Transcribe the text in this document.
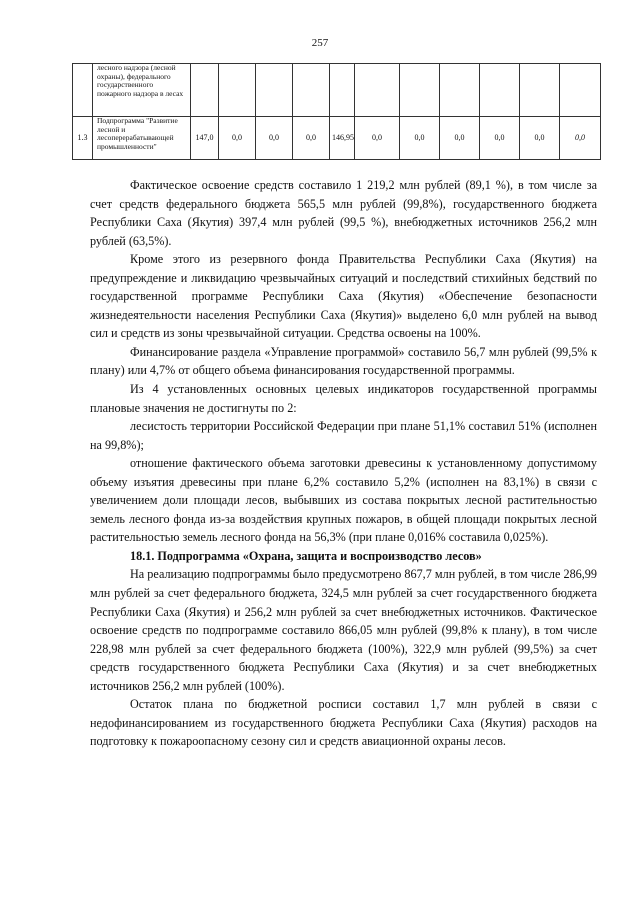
257
	лесного надзора (лесной охраны), федерального государственного пожарного надзора в лесах											
1.3	Подпрограмма "Развитие лесной и лесоперерабатывающей промышленности"	147,0	0,0	0,0	0,0	146,95	0,0	0,0	0,0	0,0	0,0	0,0

Фактическое освоение средств составило 1 219,2 млн рублей (89,1 %), в том числе за счет средств федерального бюджета 565,5 млн рублей (99,8%), государственного бюджета Республики Саха (Якутия) 397,4 млн рублей (99,5 %), внебюджетных источников 256,2 млн рублей (63,5%).

Кроме этого из резервного фонда Правительства Республики Саха (Якутия) на предупреждение и ликвидацию чрезвычайных ситуаций и последствий стихийных бедствий по государственной программе Республики Саха (Якутия) «Обеспечение безопасности жизнедеятельности населения Республики Саха (Якутия)» выделено 6,0 млн рублей на вывод сил и средств из зоны чрезвычайной ситуации. Средства освоены на 100%.

Финансирование раздела «Управление программой» составило 56,7 млн рублей (99,5% к плану) или 4,7% от общего объема финансирования государственной программы.

Из 4 установленных основных целевых индикаторов государственной программы плановые значения не достигнуты по 2:

лесистость территории Российской Федерации при плане 51,1% составил 51% (исполнен на 99,8%);

отношение фактического объема заготовки древесины к установленному допустимому объему изъятия древесины при плане 6,2% составило 5,2% (исполнен на 83,1%) в связи с увеличением доли площади лесов, выбывших из состава покрытых лесной растительностью земель лесного фонда из-за воздействия крупных пожаров, в общей площади покрытых лесной растительностью земель лесного фонда на 56,3% (при плане 0,016% составила 0,025%).

18.1. Подпрограмма «Охрана, защита и воспроизводство лесов»

На реализацию подпрограммы было предусмотрено 867,7 млн рублей, в том числе 286,99 млн рублей за счет федерального бюджета, 324,5 млн рублей за счет государственного бюджета Республики Саха (Якутия) и 256,2 млн рублей за счет внебюджетных источников. Фактическое освоение средств по подпрограмме составило 866,05 млн рублей (99,8% к плану), в том числе 228,98 млн рублей за счет федерального бюджета (100%), 322,9 млн рублей (99,5%) за счет средств государственного бюджета Республики Саха (Якутия) и за счет внебюджетных источников 256,2 млн рублей (100%).

Остаток плана по бюджетной росписи составил 1,7 млн рублей в связи с недофинансированием из государственного бюджета Республики Саха (Якутия) расходов на подготовку к пожароопасному сезону сил и средств авиационной охраны лесов.
